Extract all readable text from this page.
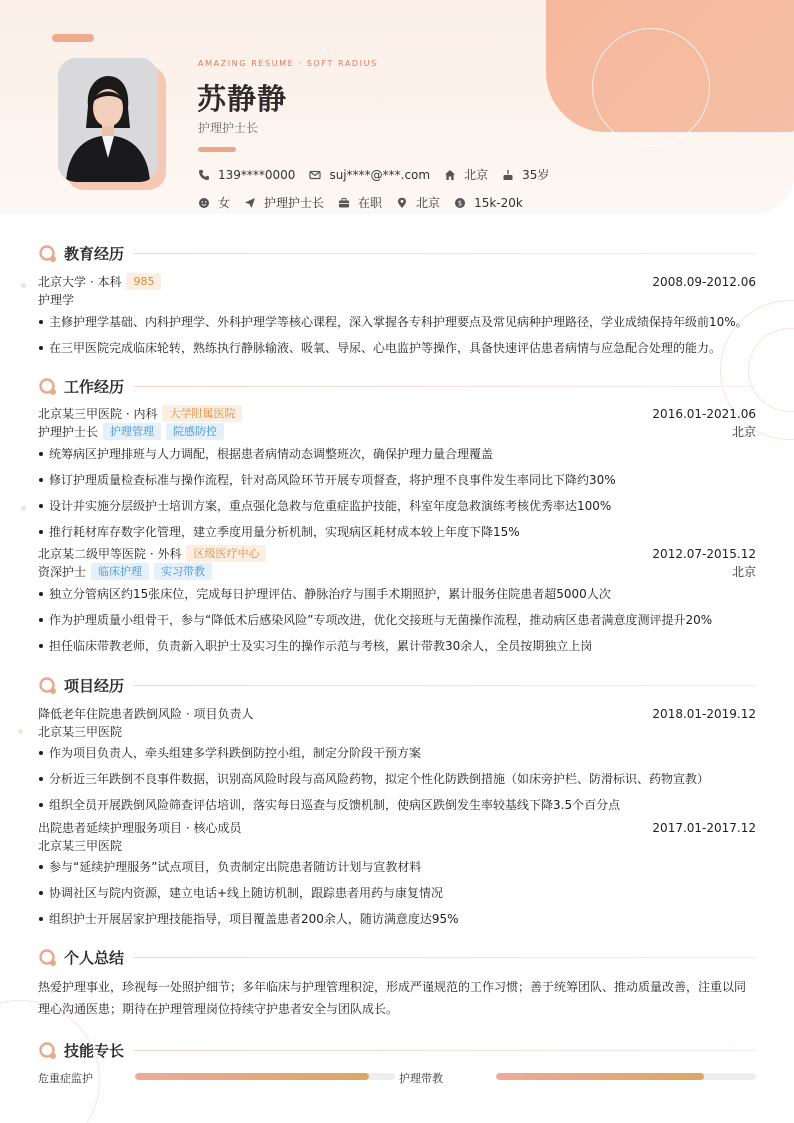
AMAZING RESUME · SOFT RADIUS
苏静静
护理护士长
139****0000	suj****@***.com	北京	35岁
女	护理护士长	在职	北京	$ 15k-20k
教育经历
北京大学 · 本科	985	2008.09-2012.06
护理学
主修护理学基础、内科护理学、外科护理学等核心课程，深入掌握各专科护理要点及常见病种护理路径，学业成绩保持年级前10%。
在三甲医院完成临床轮转，熟练执行静脉输液、吸氧、导尿、心电监护等操作，具备快速评估患者病情与应急配合处理的能力。
工作经历
北京某三甲医院 · 内科	大学附属医院	2016.01-2021.06
护理护士长	护理管理	院感防控	北京
统筹病区护理排班与人力调配，根据患者病情动态调整班次，确保护理力量合理覆盖
修订护理质量检查标准与操作流程，针对高风险环节开展专项督查，将护理不良事件发生率同比下降约30%
设计并实施分层级护士培训方案，重点强化急救与危重症监护技能，科室年度急救演练考核优秀率达100%
推行耗材库存数字化管理，建立季度用量分析机制，实现病区耗材成本较上年度下降15%
北京某二级甲等医院 · 外科	区级医疗中心	2012.07-2015.12
资深护士	临床护理	实习带教	北京
独立分管病区约15张床位，完成每日护理评估、静脉治疗与围手术期照护，累计服务住院患者超5000人次
作为护理质量小组骨干，参与“降低术后感染风险”专项改进，优化交接班与无菌操作流程，推动病区患者满意度测评提升20%
担任临床带教老师，负责新入职护士及实习生的操作示范与考核，累计带教30余人，全员按期独立上岗
项目经历
降低老年住院患者跌倒风险 · 项目负责人	2018.01-2019.12
北京某三甲医院
作为项目负责人，牵头组建多学科跌倒防控小组，制定分阶段干预方案
分析近三年跌倒不良事件数据，识别高风险时段与高风险药物，拟定个性化防跌倒措施（如床旁护栏、防滑标识、药物宣教）
组织全员开展跌倒风险筛查评估培训，落实每日巡查与反馈机制，使病区跌倒发生率较基线下降3.5个百分点
出院患者延续护理服务项目 · 核心成员	2017.01-2017.12
北京某三甲医院
参与“延续护理服务”试点项目，负责制定出院患者随访计划与宣教材料
协调社区与院内资源，建立电话+线上随访机制，跟踪患者用药与康复情况
组织护士开展居家护理技能指导，项目覆盖患者200余人，随访满意度达95%
个人总结
热爱护理事业，珍视每一处照护细节；多年临床与护理管理积淀，形成严谨规范的工作习惯；善于统筹团队、推动质量改善，注重以同理心沟通医患；期待在护理管理岗位持续守护患者安全与团队成长。
技能专长
危重症监护	护理带教
